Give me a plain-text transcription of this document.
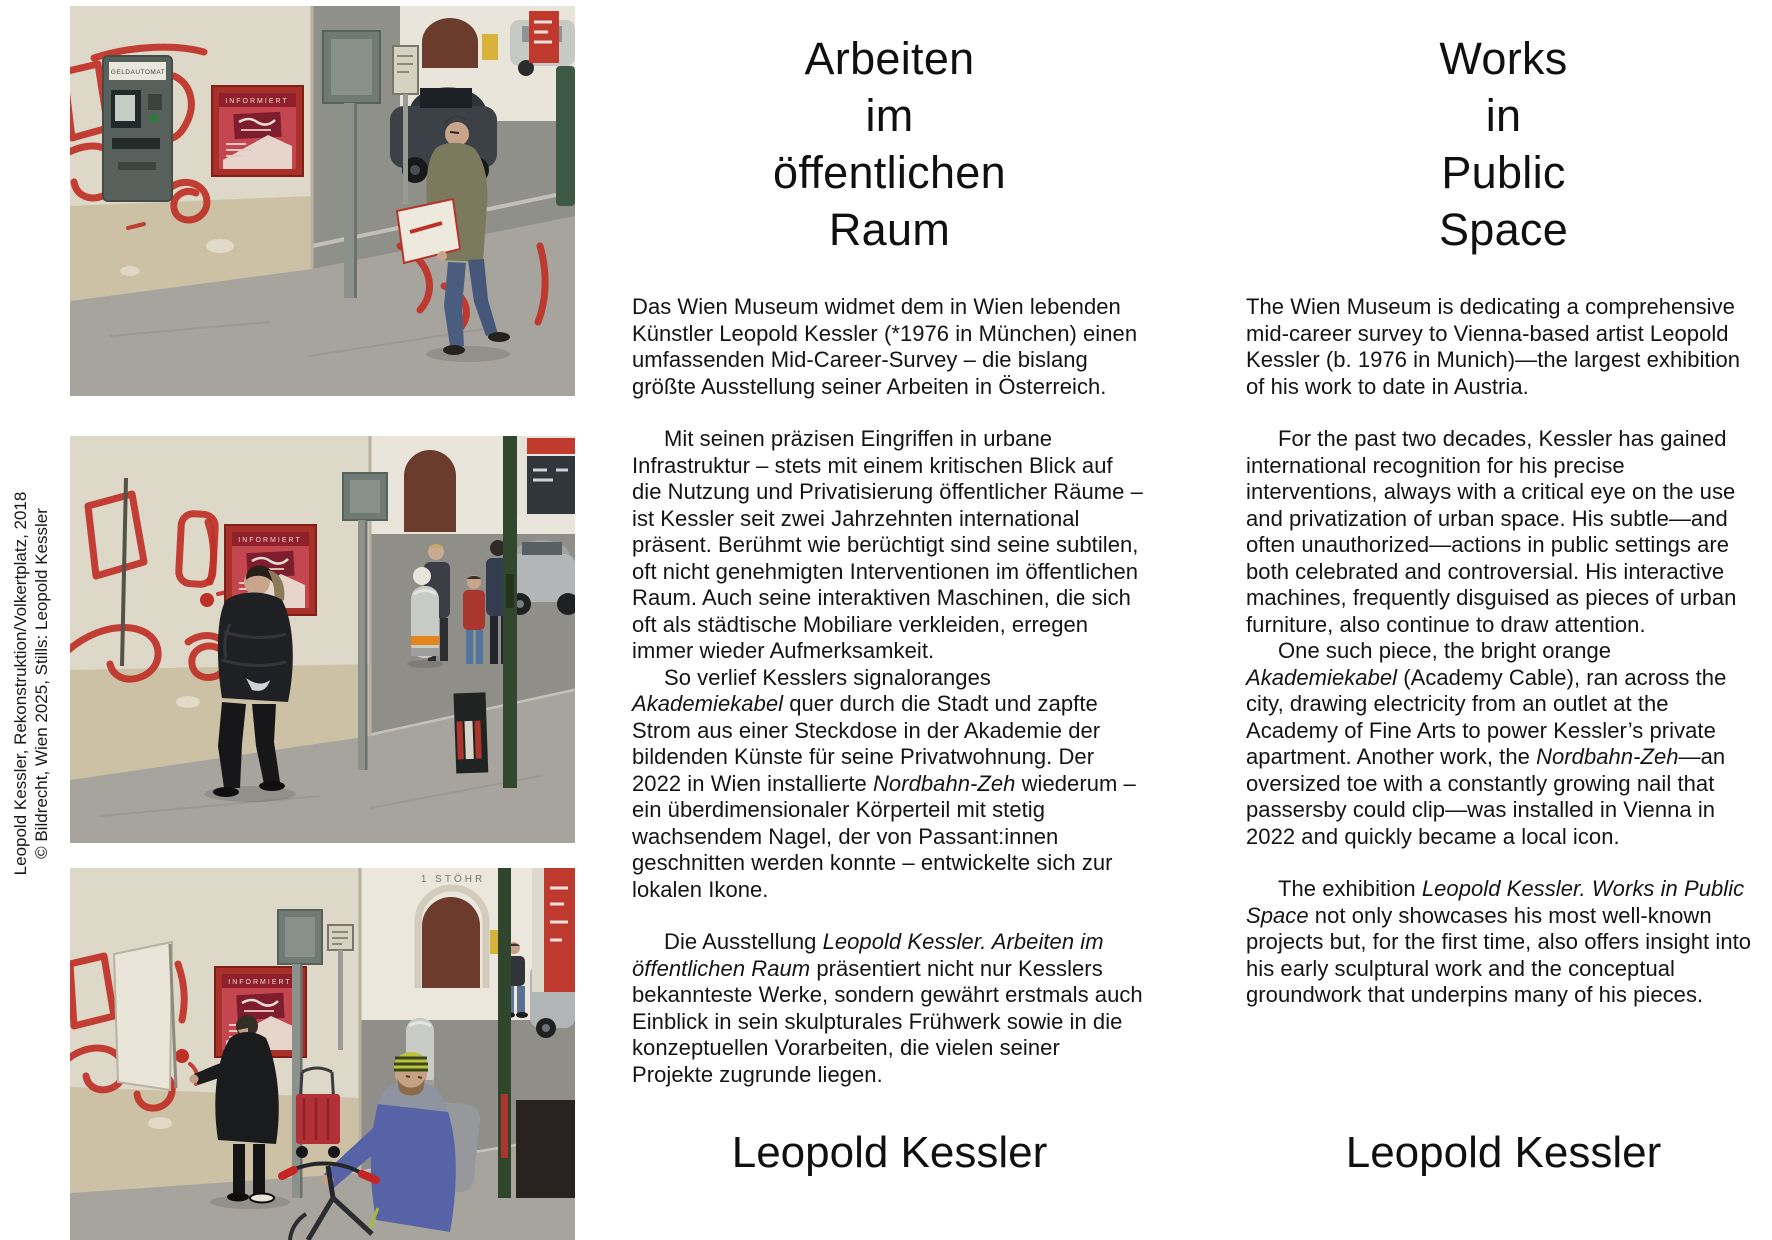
Leopold Kessler, Rekonstruktion/Volkertplatz, 2018 © Bildrecht, Wien 2025, Stills: Leopold Kessler
GELDAUTOMAT
1 STÖHR
Arbeiten
im
öffentlichen
Raum

Das Wien Museum widmet dem in Wien lebenden Künstler Leopold Kessler (*1976 in München) einen umfassenden Mid-Career-Survey – die bislang größte Ausstellung seiner Arbeiten in Österreich.

Mit seinen präzisen Eingriffen in urbane Infrastruktur – stets mit einem kritischen Blick auf die Nutzung und Privatisierung öffentlicher Räume – ist Kessler seit zwei Jahrzehnten international präsent. Berühmt wie berüchtigt sind seine subtilen, oft nicht genehmigten Interventionen im öffentlichen Raum. Auch seine interaktiven Maschinen, die sich oft als städtische Mobiliare verkleiden, erregen immer wieder Aufmerksamkeit.

So verlief Kesslers signaloranges Akademiekabel quer durch die Stadt und zapfte Strom aus einer Steckdose in der Akademie der bildenden Künste für seine Privatwohnung. Der 2022 in Wien installierte Nordbahn-Zeh wiederum – ein überdimensionaler Körperteil mit stetig wachsendem Nagel, der von Passant:innen geschnitten werden konnte – entwickelte sich zur lokalen Ikone.

Die Ausstellung Leopold Kessler. Arbeiten im öffentlichen Raum präsentiert nicht nur Kesslers bekannteste Werke, sondern gewährt erstmals auch Einblick in sein skulpturales Frühwerk sowie in die konzeptuellen Vorarbeiten, die vielen seiner Projekte zugrunde liegen.

Leopold Kessler
Works
in
Public
Space

The Wien Museum is dedicating a comprehensive mid-career survey to Vienna-based artist Leopold Kessler (b. 1976 in Munich)—the largest exhibition of his work to date in Austria.

For the past two decades, Kessler has gained international recognition for his precise interventions, always with a critical eye on the use and privatization of urban space. His subtle—and often unauthorized—actions in public settings are both celebrated and controversial. His interactive machines, frequently disguised as pieces of urban furniture, also continue to draw attention.

One such piece, the bright orange Akademiekabel (Academy Cable), ran across the city, drawing electricity from an outlet at the Academy of Fine Arts to power Kessler’s private apartment. Another work, the Nordbahn-Zeh—an oversized toe with a constantly growing nail that passersby could clip—was installed in Vienna in 2022 and quickly became a local icon.

The exhibition Leopold Kessler. Works in Public Space not only showcases his most well-known projects but, for the first time, also offers insight into his early sculptural work and the conceptual groundwork that underpins many of his pieces.

Leopold Kessler
